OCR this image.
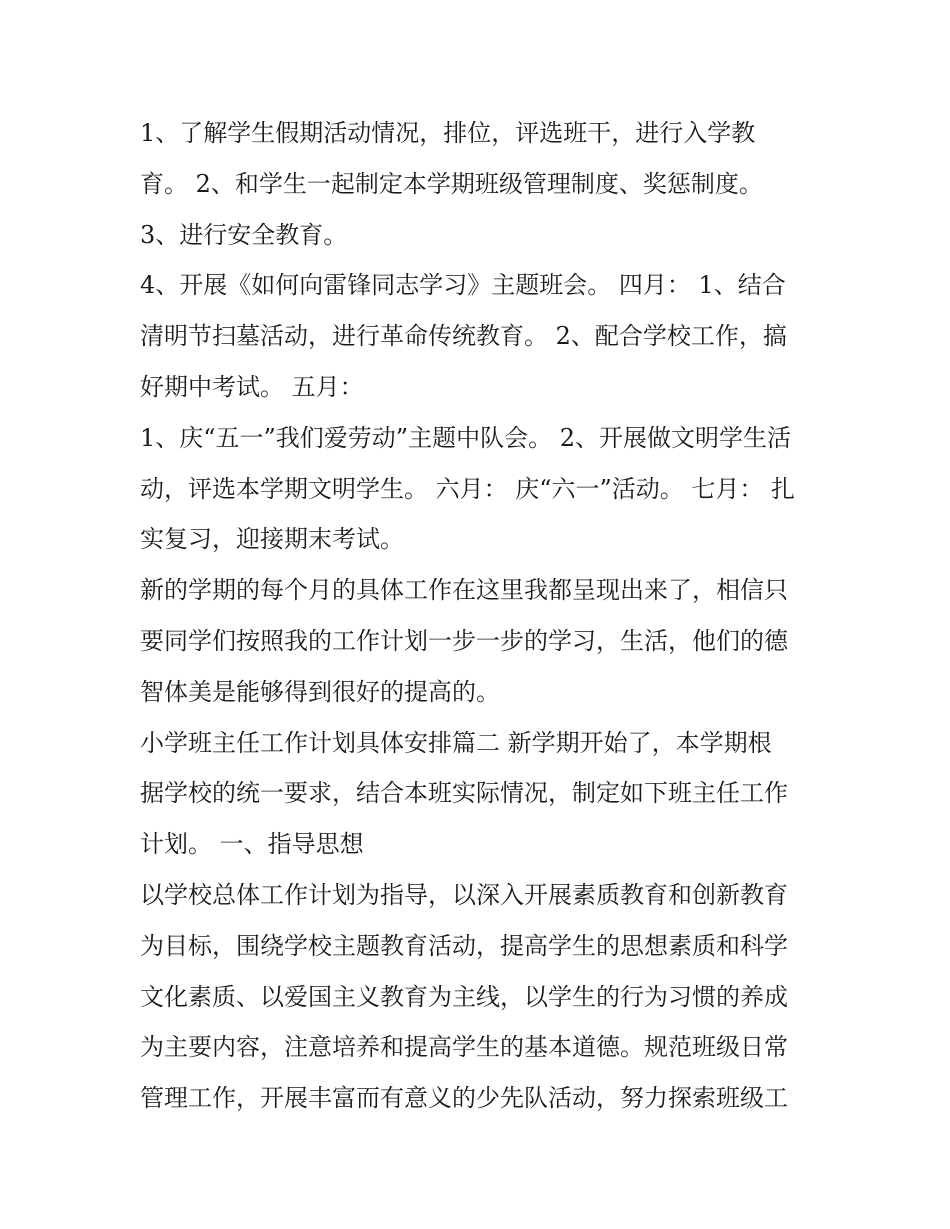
1、了解学生假期活动情况，排位，评选班干，进行入学教
育。 2、和学生一起制定本学期班级管理制度、奖惩制度。
3、进行安全教育。
4、开展《如何向雷锋同志学习》主题班会。 四月： 1、结合
清明节扫墓活动，进行革命传统教育。 2、配合学校工作，搞
好期中考试。 五月：
1、庆“五一”我们爱劳动”主题中队会。 2、开展做文明学生活
动，评选本学期文明学生。 六月： 庆“六一”活动。 七月： 扎
实复习，迎接期末考试。
新的学期的每个月的具体工作在这里我都呈现出来了，相信只
要同学们按照我的工作计划一步一步的学习，生活，他们的德
智体美是能够得到很好的提高的。
小学班主任工作计划具体安排篇二 新学期开始了，本学期根
据学校的统一要求，结合本班实际情况，制定如下班主任工作
计划。 一、指导思想
以学校总体工作计划为指导，以深入开展素质教育和创新教育
为目标，围绕学校主题教育活动，提高学生的思想素质和科学
文化素质、以爱国主义教育为主线，以学生的行为习惯的养成
为主要内容，注意培养和提高学生的基本道德。规范班级日常
管理工作，开展丰富而有意义的少先队活动，努力探索班级工
